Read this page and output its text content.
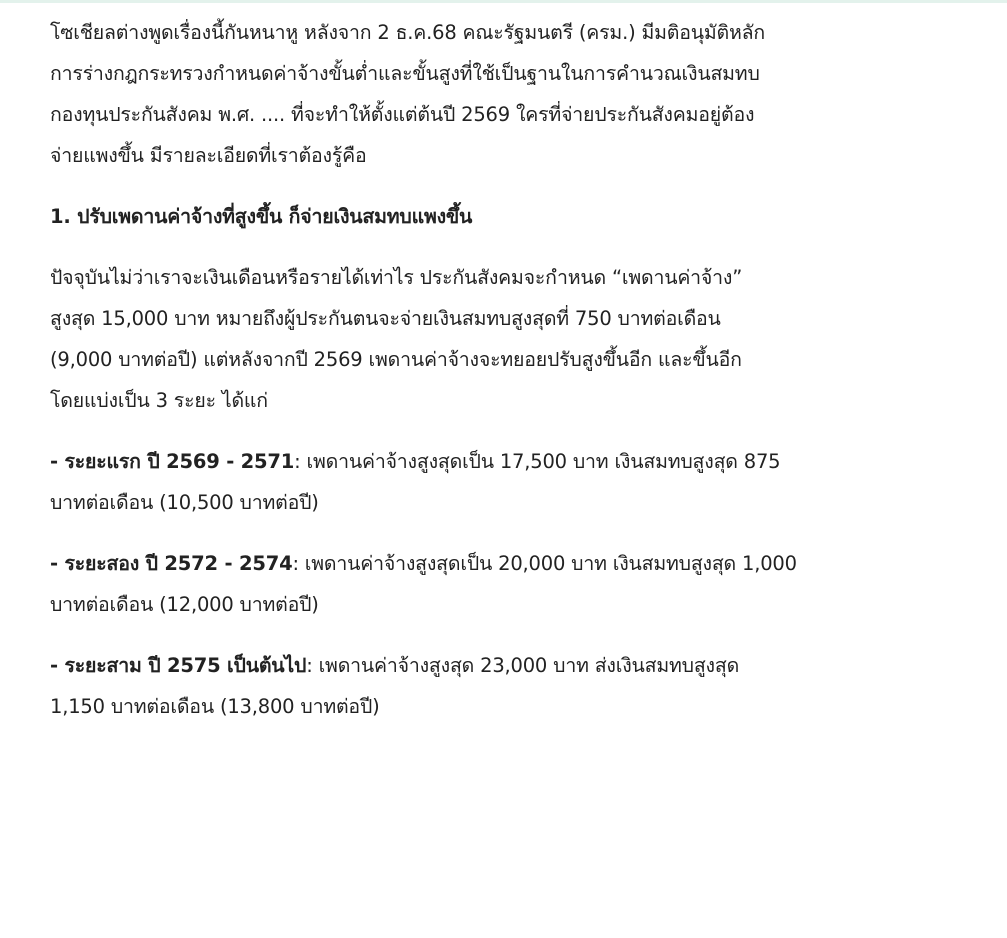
โซเชียลต่างพูดเรื่องนี้กันหนาหู หลังจาก 2 ธ.ค.68 คณะรัฐมนตรี (ครม.) มีมติอนุมัติหลัก
การร่างกฎกระทรวงกำหนดค่าจ้างขั้นต่ำและขั้นสูงที่ใช้เป็นฐานในการคำนวณเงินสมทบ
กองทุนประกันสังคม พ.ศ. .... ที่จะทำให้ตั้งแต่ต้นปี 2569 ใครที่จ่ายประกันสังคมอยู่ต้อง
จ่ายแพงขึ้น มีรายละเอียดที่เราต้องรู้คือ

1. ปรับเพดานค่าจ้างที่สูงขึ้น ก็จ่ายเงินสมทบแพงขึ้น

ปัจจุบันไม่ว่าเราจะเงินเดือนหรือรายได้เท่าไร ประกันสังคมจะกำหนด “เพดานค่าจ้าง”
สูงสุด 15,000 บาท หมายถึงผู้ประกันตนจะจ่ายเงินสมทบสูงสุดที่ 750 บาทต่อเดือน
(9,000 บาทต่อปี) แต่หลังจากปี 2569 เพดานค่าจ้างจะทยอยปรับสูงขึ้นอีก และขึ้นอีก
โดยแบ่งเป็น 3 ระยะ ได้แก่

- ระยะแรก ปี 2569 - 2571: เพดานค่าจ้างสูงสุดเป็น 17,500 บาท เงินสมทบสูงสุด 875
บาทต่อเดือน (10,500 บาทต่อปี)

- ระยะสอง ปี 2572 - 2574: เพดานค่าจ้างสูงสุดเป็น 20,000 บาท เงินสมทบสูงสุด 1,000
บาทต่อเดือน (12,000 บาทต่อปี)

- ระยะสาม ปี 2575 เป็นต้นไป: เพดานค่าจ้างสูงสุด 23,000 บาท ส่งเงินสมทบสูงสุด
1,150 บาทต่อเดือน (13,800 บาทต่อปี)
